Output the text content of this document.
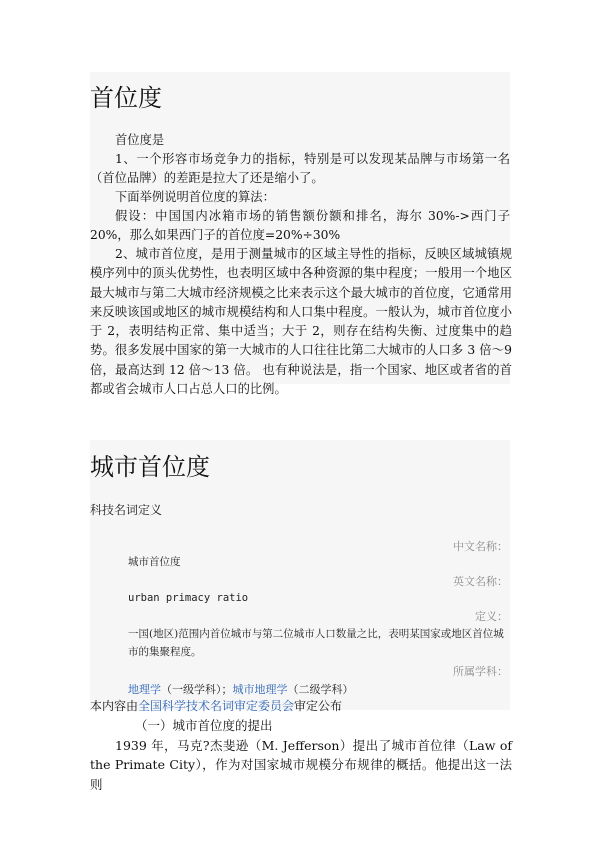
首位度

首位度是

1、一个形容市场竞争力的指标，特别是可以发现某品牌与市场第一名（首位品牌）的差距是拉大了还是缩小了。

下面举例说明首位度的算法：

假设：中国国内冰箱市场的销售额份额和排名，海尔 30%->西门子 20%，那么如果西门子的首位度=20%÷30%

2、城市首位度，是用于测量城市的区域主导性的指标，反映区域城镇规模序列中的顶头优势性，也表明区域中各种资源的集中程度；一般用一个地区最大城市与第二大城市经济规模之比来表示这个最大城市的首位度，它通常用来反映该国或地区的城市规模结构和人口集中程度。一般认为，城市首位度小于 2，表明结构正常、集中适当；大于 2，则存在结构失衡、过度集中的趋势。很多发展中国家的第一大城市的人口往往比第二大城市的人口多 3 倍～9 倍，最高达到 12 倍～13 倍。 也有种说法是，指一个国家、地区或者省的首都或省会城市人口占总人口的比例。

城市首位度
科技名词定义
中文名称：
城市首位度
英文名称：
urban primacy ratio
定义：
一国(地区)范围内首位城市与第二位城市人口数量之比，表明某国家或地区首位城市的集聚程度。
所属学科：
地理学（一级学科）；城市地理学（二级学科）
本内容由全国科学技术名词审定委员会审定公布

（一）城市首位度的提出

1939 年，马克?杰斐逊（M. Jefferson）提出了城市首位律（Law of the Primate City），作为对国家城市规模分布规律的概括。他提出这一法则
